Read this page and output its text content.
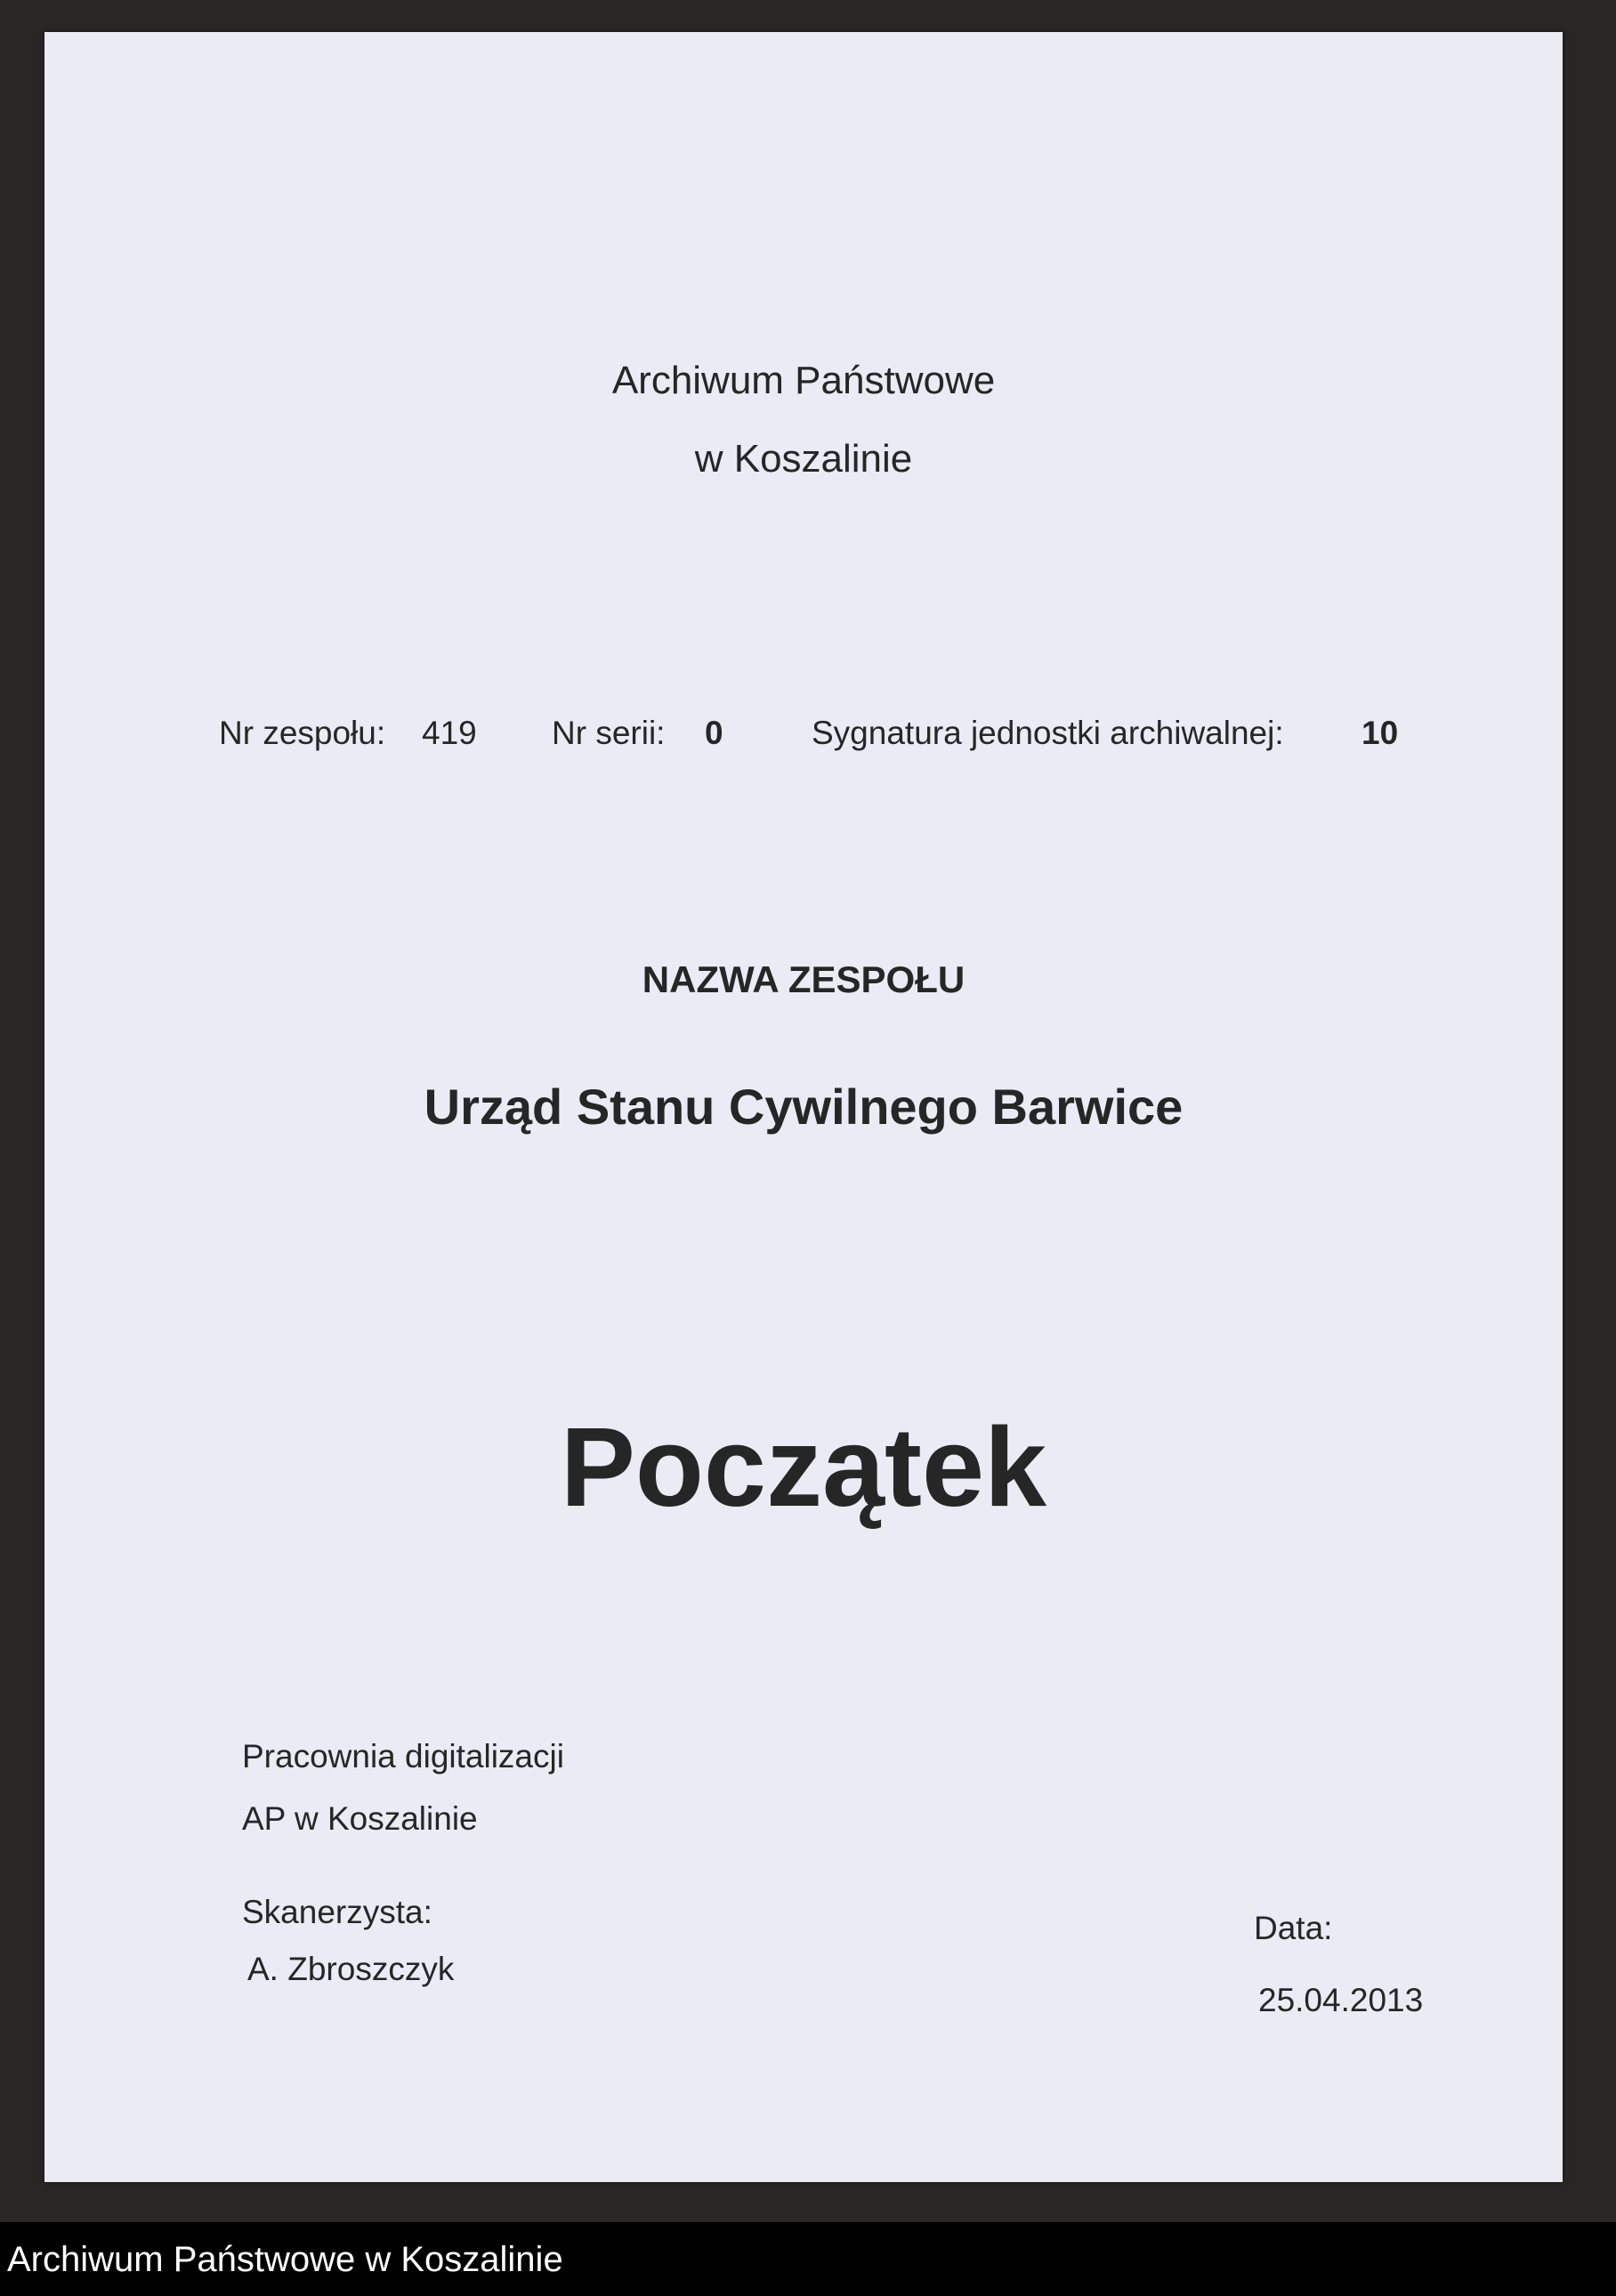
Archiwum Państwowe
w Koszalinie
Nr zespołu: 419 Nr serii: 0	Sygnatura jednostki archiwalnej: 10
NAZWA ZESPOŁU
Urząd Stanu Cywilnego Barwice
Początek
Pracownia digitalizacji
AP w Koszalinie
Skanerzysta:
A. Zbroszczyk
Data:
25.04.2013
Archiwum Państwowe w Koszalinie
